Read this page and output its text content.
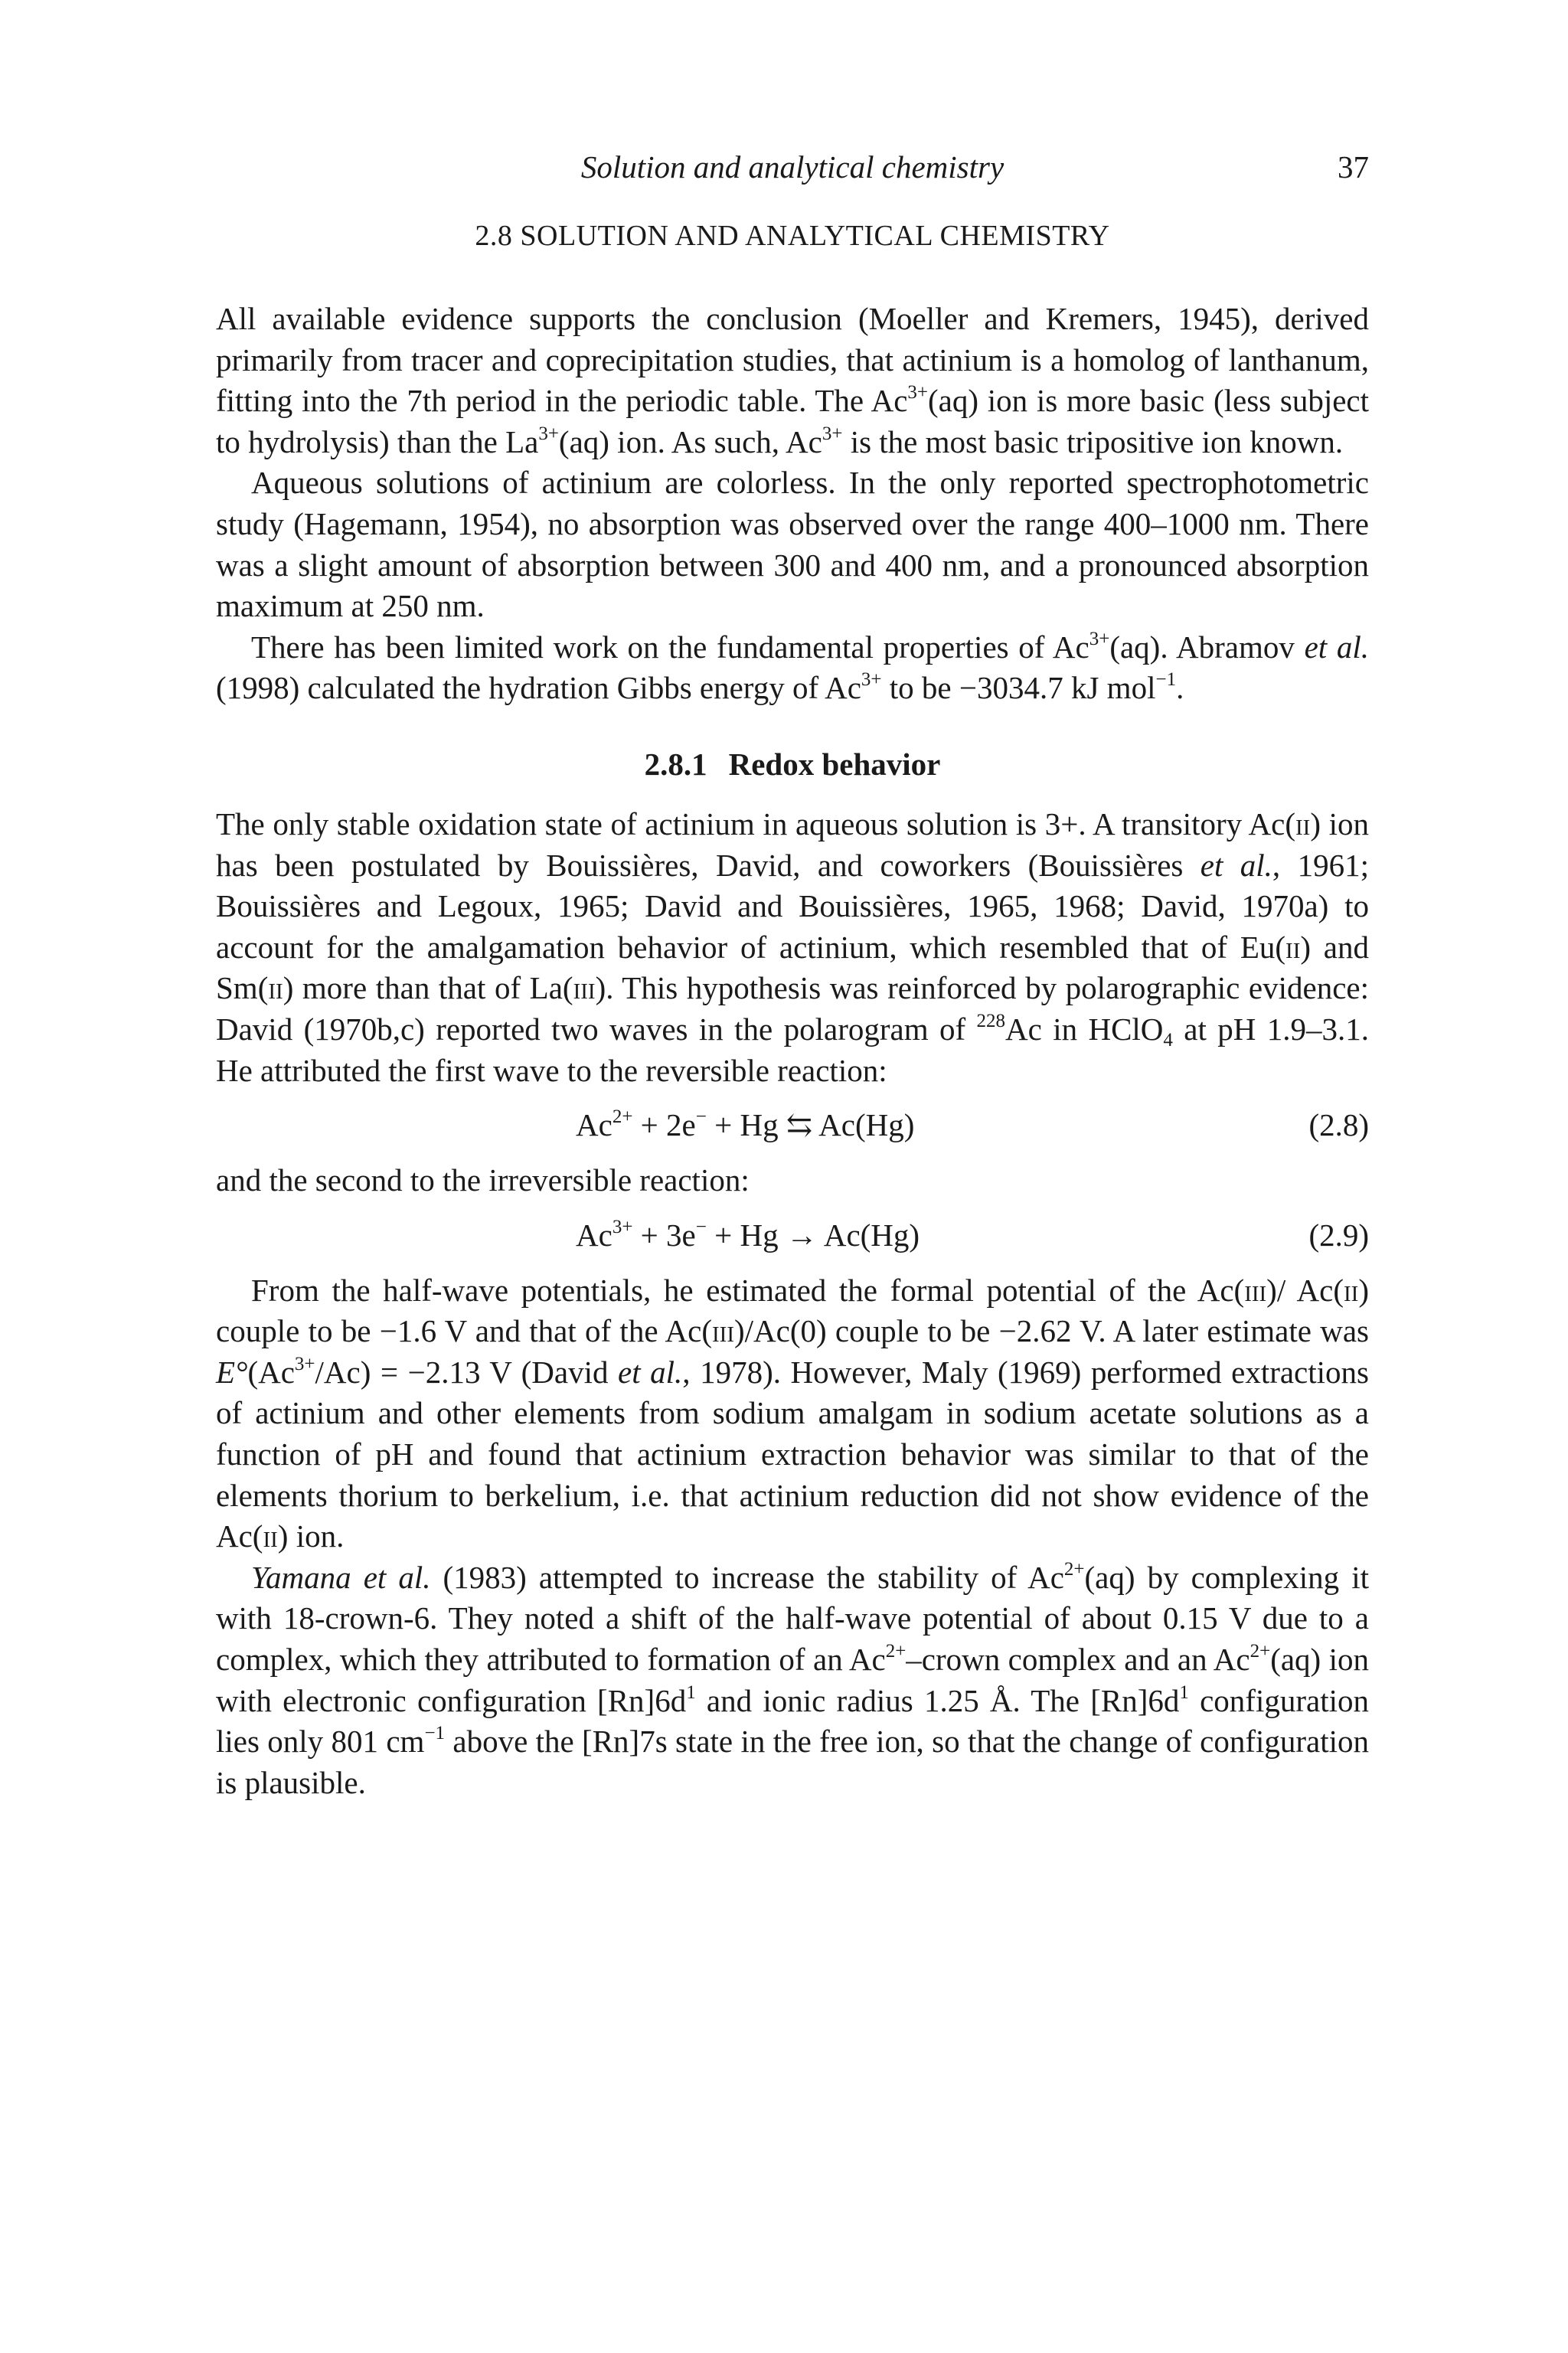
Solution and analytical chemistry	37
2.8 SOLUTION AND ANALYTICAL CHEMISTRY

All available evidence supports the conclusion (Moeller and Kremers, 1945), derived primarily from tracer and coprecipitation studies, that actinium is a homolog of lanthanum, fitting into the 7th period in the periodic table. The $Ac^{3+}(aq)$ ion is more basic (less subject to hydrolysis) than the $La^{3+}(aq)$ ion. As such, $Ac^{3+}$ is the most basic tripositive ion known.

Aqueous solutions of actinium are colorless. In the only reported spectrophotometric study (Hagemann, 1954), no absorption was observed over the range 400–1000 nm. There was a slight amount of absorption between 300 and 400 nm, and a pronounced absorption maximum at 250 nm.

There has been limited work on the fundamental properties of $Ac^{3+}(aq)$. Abramov et al. (1998) calculated the hydration Gibbs energy of $Ac^{3+}$ to be −3034.7 kJ mol$^{-1}$.

2.8.1 Redox behavior

The only stable oxidation state of actinium in aqueous solution is 3+. A transitory Ac(ii) ion has been postulated by Bouissières, David, and coworkers (Bouissières et al., 1961; Bouissières and Legoux, 1965; David and Bouissières, 1965, 1968; David, 1970a) to account for the amalgamation behavior of actinium, which resembled that of Eu(ii) and Sm(ii) more than that of La(iii). This hypothesis was reinforced by polarographic evidence: David (1970b,c) reported two waves in the polarogram of $^{228}$Ac in HClO$_4$ at pH 1.9–3.1. He attributed the first wave to the reversible reaction:

$Ac^{2+} + 2e^- + Hg$ ⇆ Ac(Hg)	(2.8)

and the second to the irreversible reaction:

$Ac^{3+} + 3e^- + Hg \to Ac(Hg)$	(2.9)

From the half-wave potentials, he estimated the formal potential of the Ac(iii)/ Ac(ii) couple to be −1.6 V and that of the Ac(iii)/Ac(0) couple to be −2.62 V. A later estimate was $E^\circ(Ac^{3+}/Ac) = -2.13$ V (David et al., 1978). However, Maly (1969) performed extractions of actinium and other elements from sodium amalgam in sodium acetate solutions as a function of pH and found that actinium extraction behavior was similar to that of the elements thorium to berkelium, i.e. that actinium reduction did not show evidence of the Ac(ii) ion.

Yamana et al. (1983) attempted to increase the stability of $Ac^{2+}(aq)$ by complexing it with 18-crown-6. They noted a shift of the half-wave potential of about 0.15 V due to a complex, which they attributed to formation of an $Ac^{2+}$–crown complex and an $Ac^{2+}(aq)$ ion with electronic configuration $[Rn]6d^1$ and ionic radius 1.25 Å. The $[Rn]6d^1$ configuration lies only 801 $cm^{-1}$ above the [Rn]7s state in the free ion, so that the change of configuration is plausible.
